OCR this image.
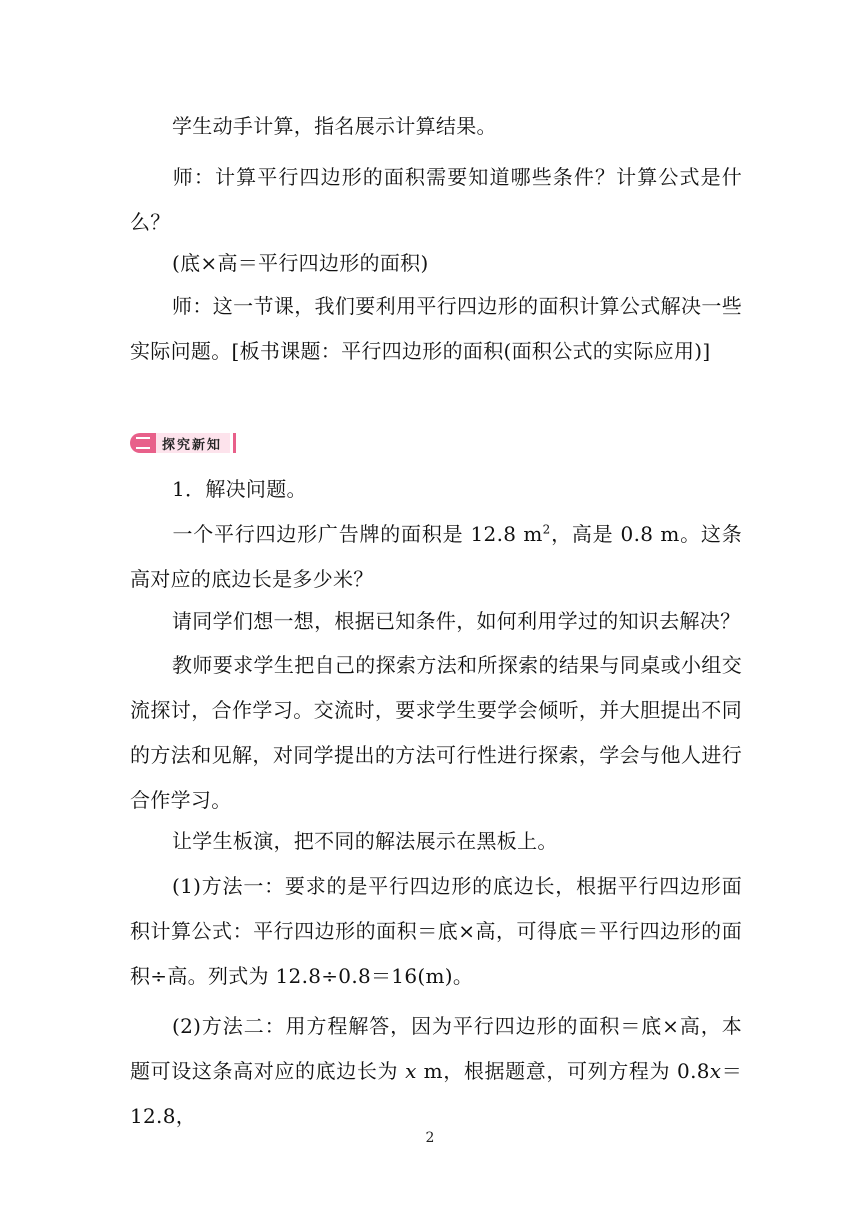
学生动手计算，指名展示计算结果。

师：计算平行四边形的面积需要知道哪些条件？计算公式是什么？

(底×高＝平行四边形的面积)

师：这一节课，我们要利用平行四边形的面积计算公式解决一些实际问题。[板书课题：平行四边形的面积(面积公式的实际应用)]

探究新知

1．解决问题。

一个平行四边形广告牌的面积是 12.8 $m^2$，高是 0.8 m。这条高对应的底边长是多少米？

请同学们想一想，根据已知条件，如何利用学过的知识去解决？

教师要求学生把自己的探索方法和所探索的结果与同桌或小组交流探讨，合作学习。交流时，要求学生要学会倾听，并大胆提出不同的方法和见解，对同学提出的方法可行性进行探索，学会与他人进行合作学习。

让学生板演，把不同的解法展示在黑板上。

(1)方法一：要求的是平行四边形的底边长，根据平行四边形面积计算公式：平行四边形的面积＝底×高，可得底＝平行四边形的面积÷高。列式为 12.8÷0.8＝16(m)。

(2)方法二：用方程解答，因为平行四边形的面积＝底×高，本题可设这条高对应的底边长为 x m，根据题意，可列方程为 0.8x＝12.8，

2
